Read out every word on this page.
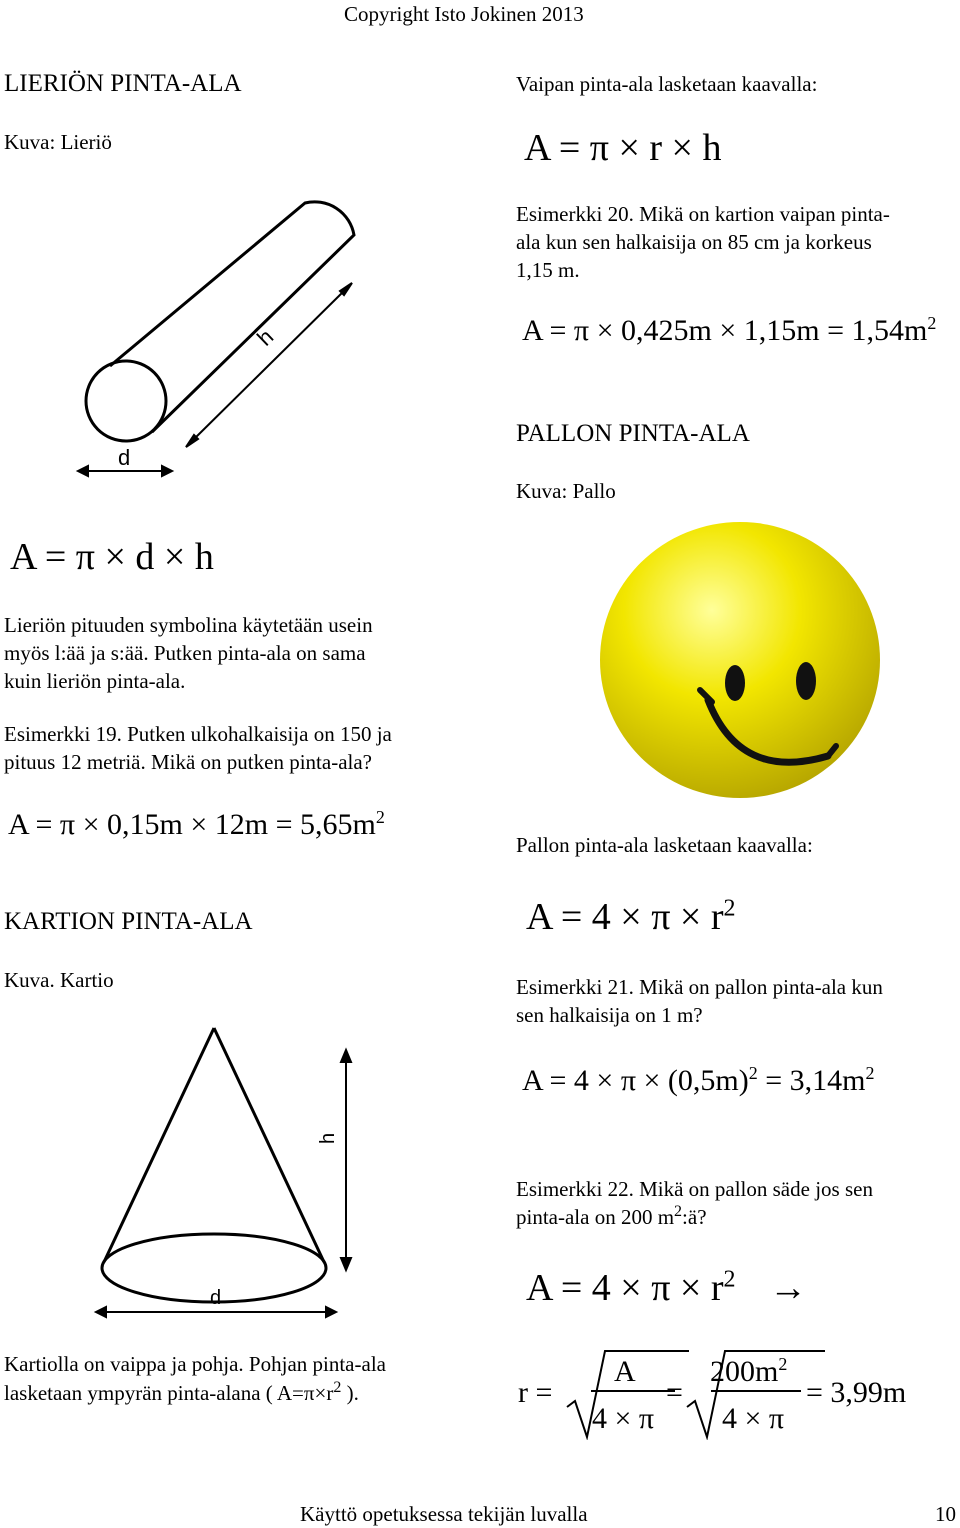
Copyright Isto Jokinen 2013
LIERIÖN PINTA-ALA
Kuva: Lieriö
h
d
A = π × d × h
Lieriön pituuden symbolina käytetään usein
myös l:ää ja s:ää. Putken pinta-ala on sama
kuin lieriön pinta-ala.
Esimerkki 19. Putken ulkohalkaisija on 150 ja
pituus 12 metriä. Mikä on putken pinta-ala?
$A = \pi \times 0,15m \times 12m = 5,65m^2$
KARTION PINTA-ALA
Kuva. Kartio
h
d
Kartiolla on vaippa ja pohja. Pohjan pinta-ala
lasketaan ympyrän pinta-alana ( $A=\pi\times r^2$ ).
Vaipan pinta-ala lasketaan kaavalla:
A = π × r × h
Esimerkki 20. Mikä on kartion vaipan pinta-
ala kun sen halkaisija on 85 cm ja korkeus
1,15 m.
$A = \pi \times 0,425m \times 1,15m = 1,54m^2$
PALLON PINTA-ALA
Kuva: Pallo
Pallon pinta-ala lasketaan kaavalla:
$A = 4 \times \pi \times r^2$
Esimerkki 21. Mikä on pallon pinta-ala kun
sen halkaisija on 1 m?
$A = 4 \times \pi \times (0,5m)^2 = 3,14m^2$
Esimerkki 22. Mikä on pallon säde jos sen
pinta-ala on 200 $m^2:ä$?
$A = 4 \times \pi \times r^2$ →
r =
A
4 × π
=
$200m^2$
4 × π
= 3,99m
Käyttö opetuksessa tekijän luvalla	10
